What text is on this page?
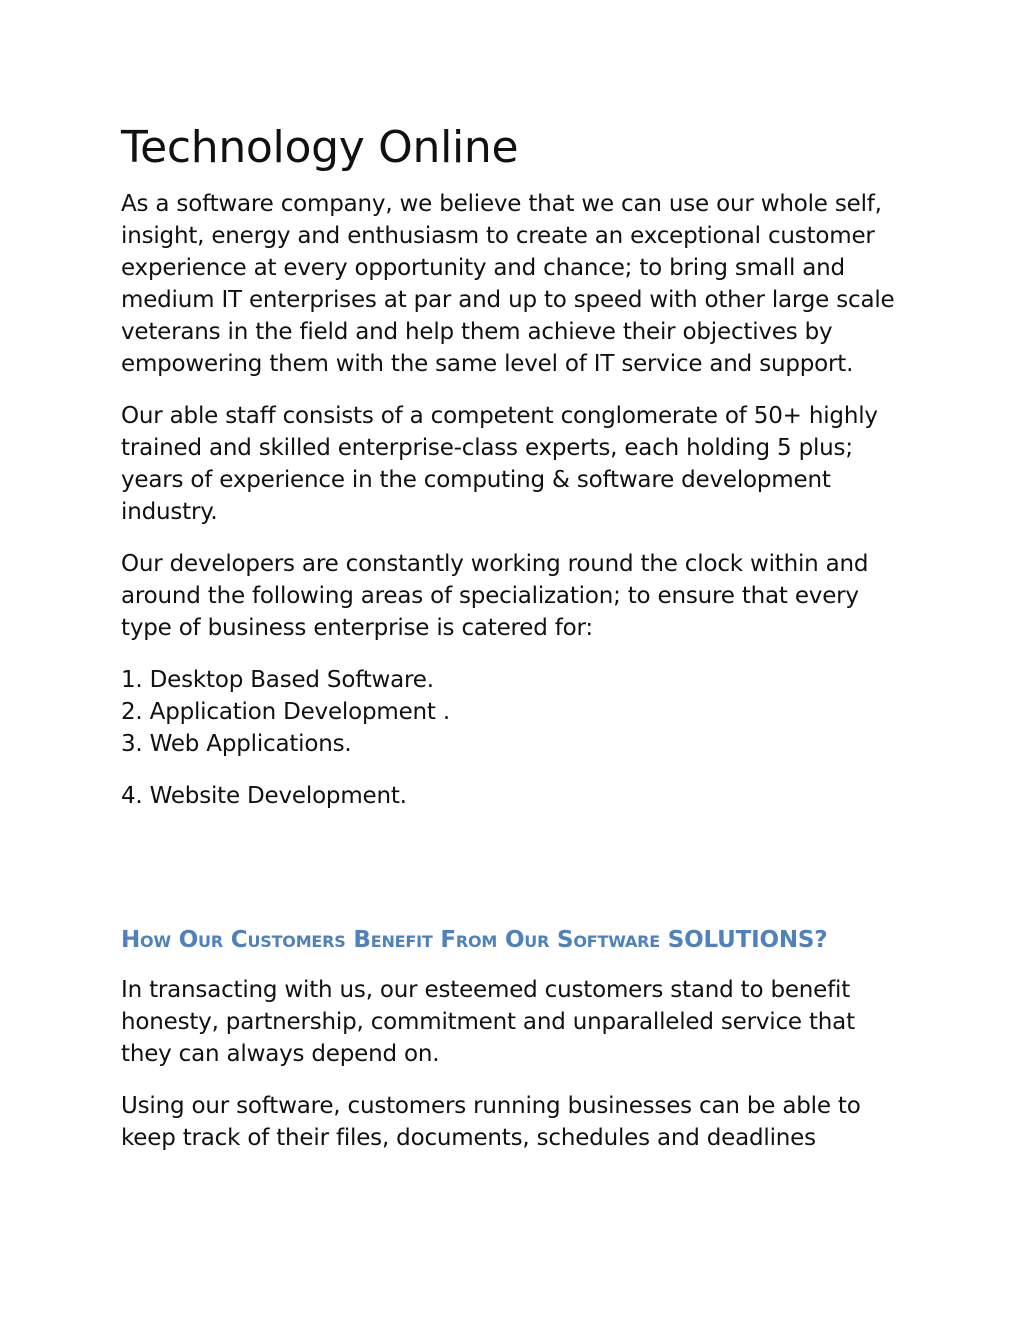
Technology Online

As a software company, we believe that we can use our whole self, insight, energy and enthusiasm to create an exceptional customer experience at every opportunity and chance; to bring small and medium IT enterprises at par and up to speed with other large scale veterans in the field and help them achieve their objectives by empowering them with the same level of IT service and support.

Our able staff consists of a competent conglomerate of 50+ highly trained and skilled enterprise-class experts, each holding 5 plus; years of experience in the computing & software development industry.

Our developers are constantly working round the clock within and around the following areas of specialization; to ensure that every type of business enterprise is catered for:

1. Desktop Based Software.
2. Application Development .
3. Web Applications.
4. Website Development.
How Our Customers Benefit From Our Software SOLUTIONS?

In transacting with us, our esteemed customers stand to benefit honesty, partnership, commitment and unparalleled service that they can always depend on.

Using our software, customers running businesses can be able to keep track of their files, documents, schedules and deadlines
